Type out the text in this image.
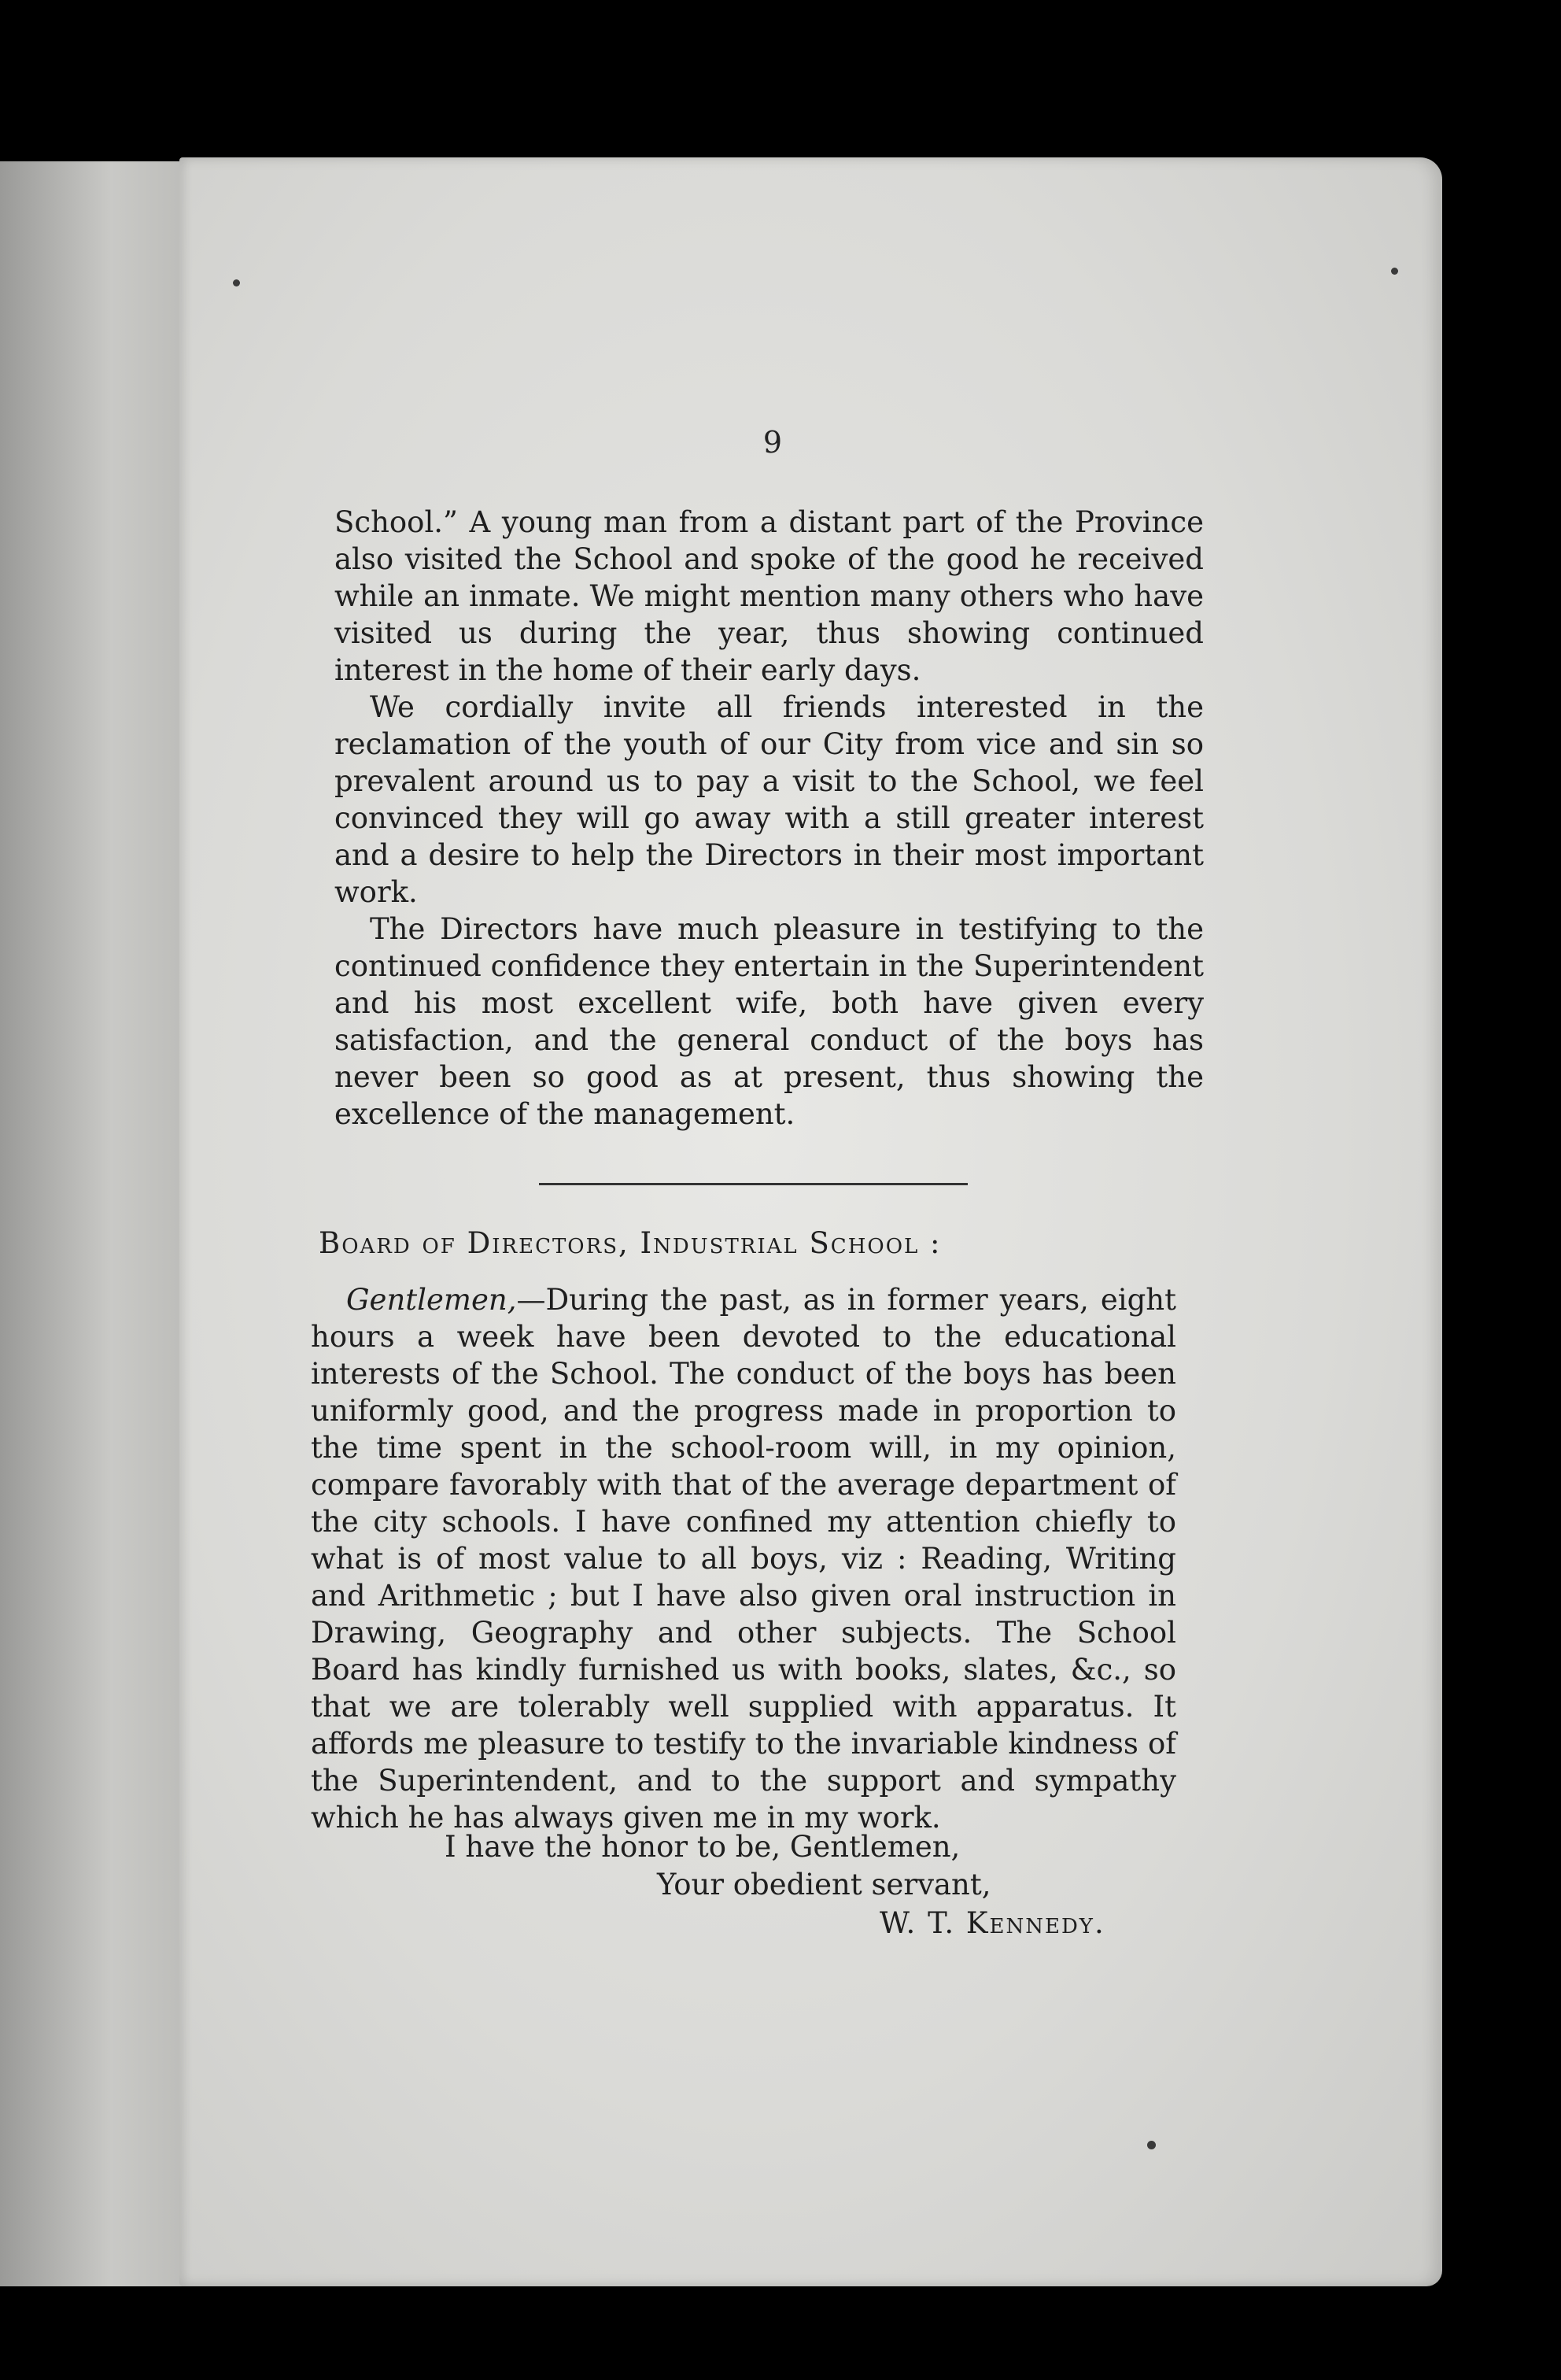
9

School.” A young man from a distant part of the Province also visited the School and spoke of the good he received while an inmate. We might mention many others who have visited us during the year, thus showing continued interest in the home of their early days.

We cordially invite all friends interested in the reclamation of the youth of our City from vice and sin so prevalent around us to pay a visit to the School, we feel convinced they will go away with a still greater interest and a desire to help the Directors in their most important work.

The Directors have much pleasure in testifying to the continued confidence they entertain in the Superintendent and his most excellent wife, both have given every satisfaction, and the general conduct of the boys has never been so good as at present, thus showing the excellence of the management.

Board of Directors, Industrial School :

Gentlemen,—During the past, as in former years, eight hours a week have been devoted to the educational interests of the School. The conduct of the boys has been uniformly good, and the progress made in proportion to the time spent in the school-room will, in my opinion, compare favorably with that of the average department of the city schools. I have confined my attention chiefly to what is of most value to all boys, viz : Reading, Writing and Arithmetic ; but I have also given oral instruction in Drawing, Geography and other subjects. The School Board has kindly furnished us with books, slates, &c., so that we are tolerably well supplied with apparatus. It affords me pleasure to testify to the invariable kindness of the Superintendent, and to the support and sympathy which he has always given me in my work.

I have the honor to be, Gentlemen,
Your obedient servant,
W. T. Kennedy.
